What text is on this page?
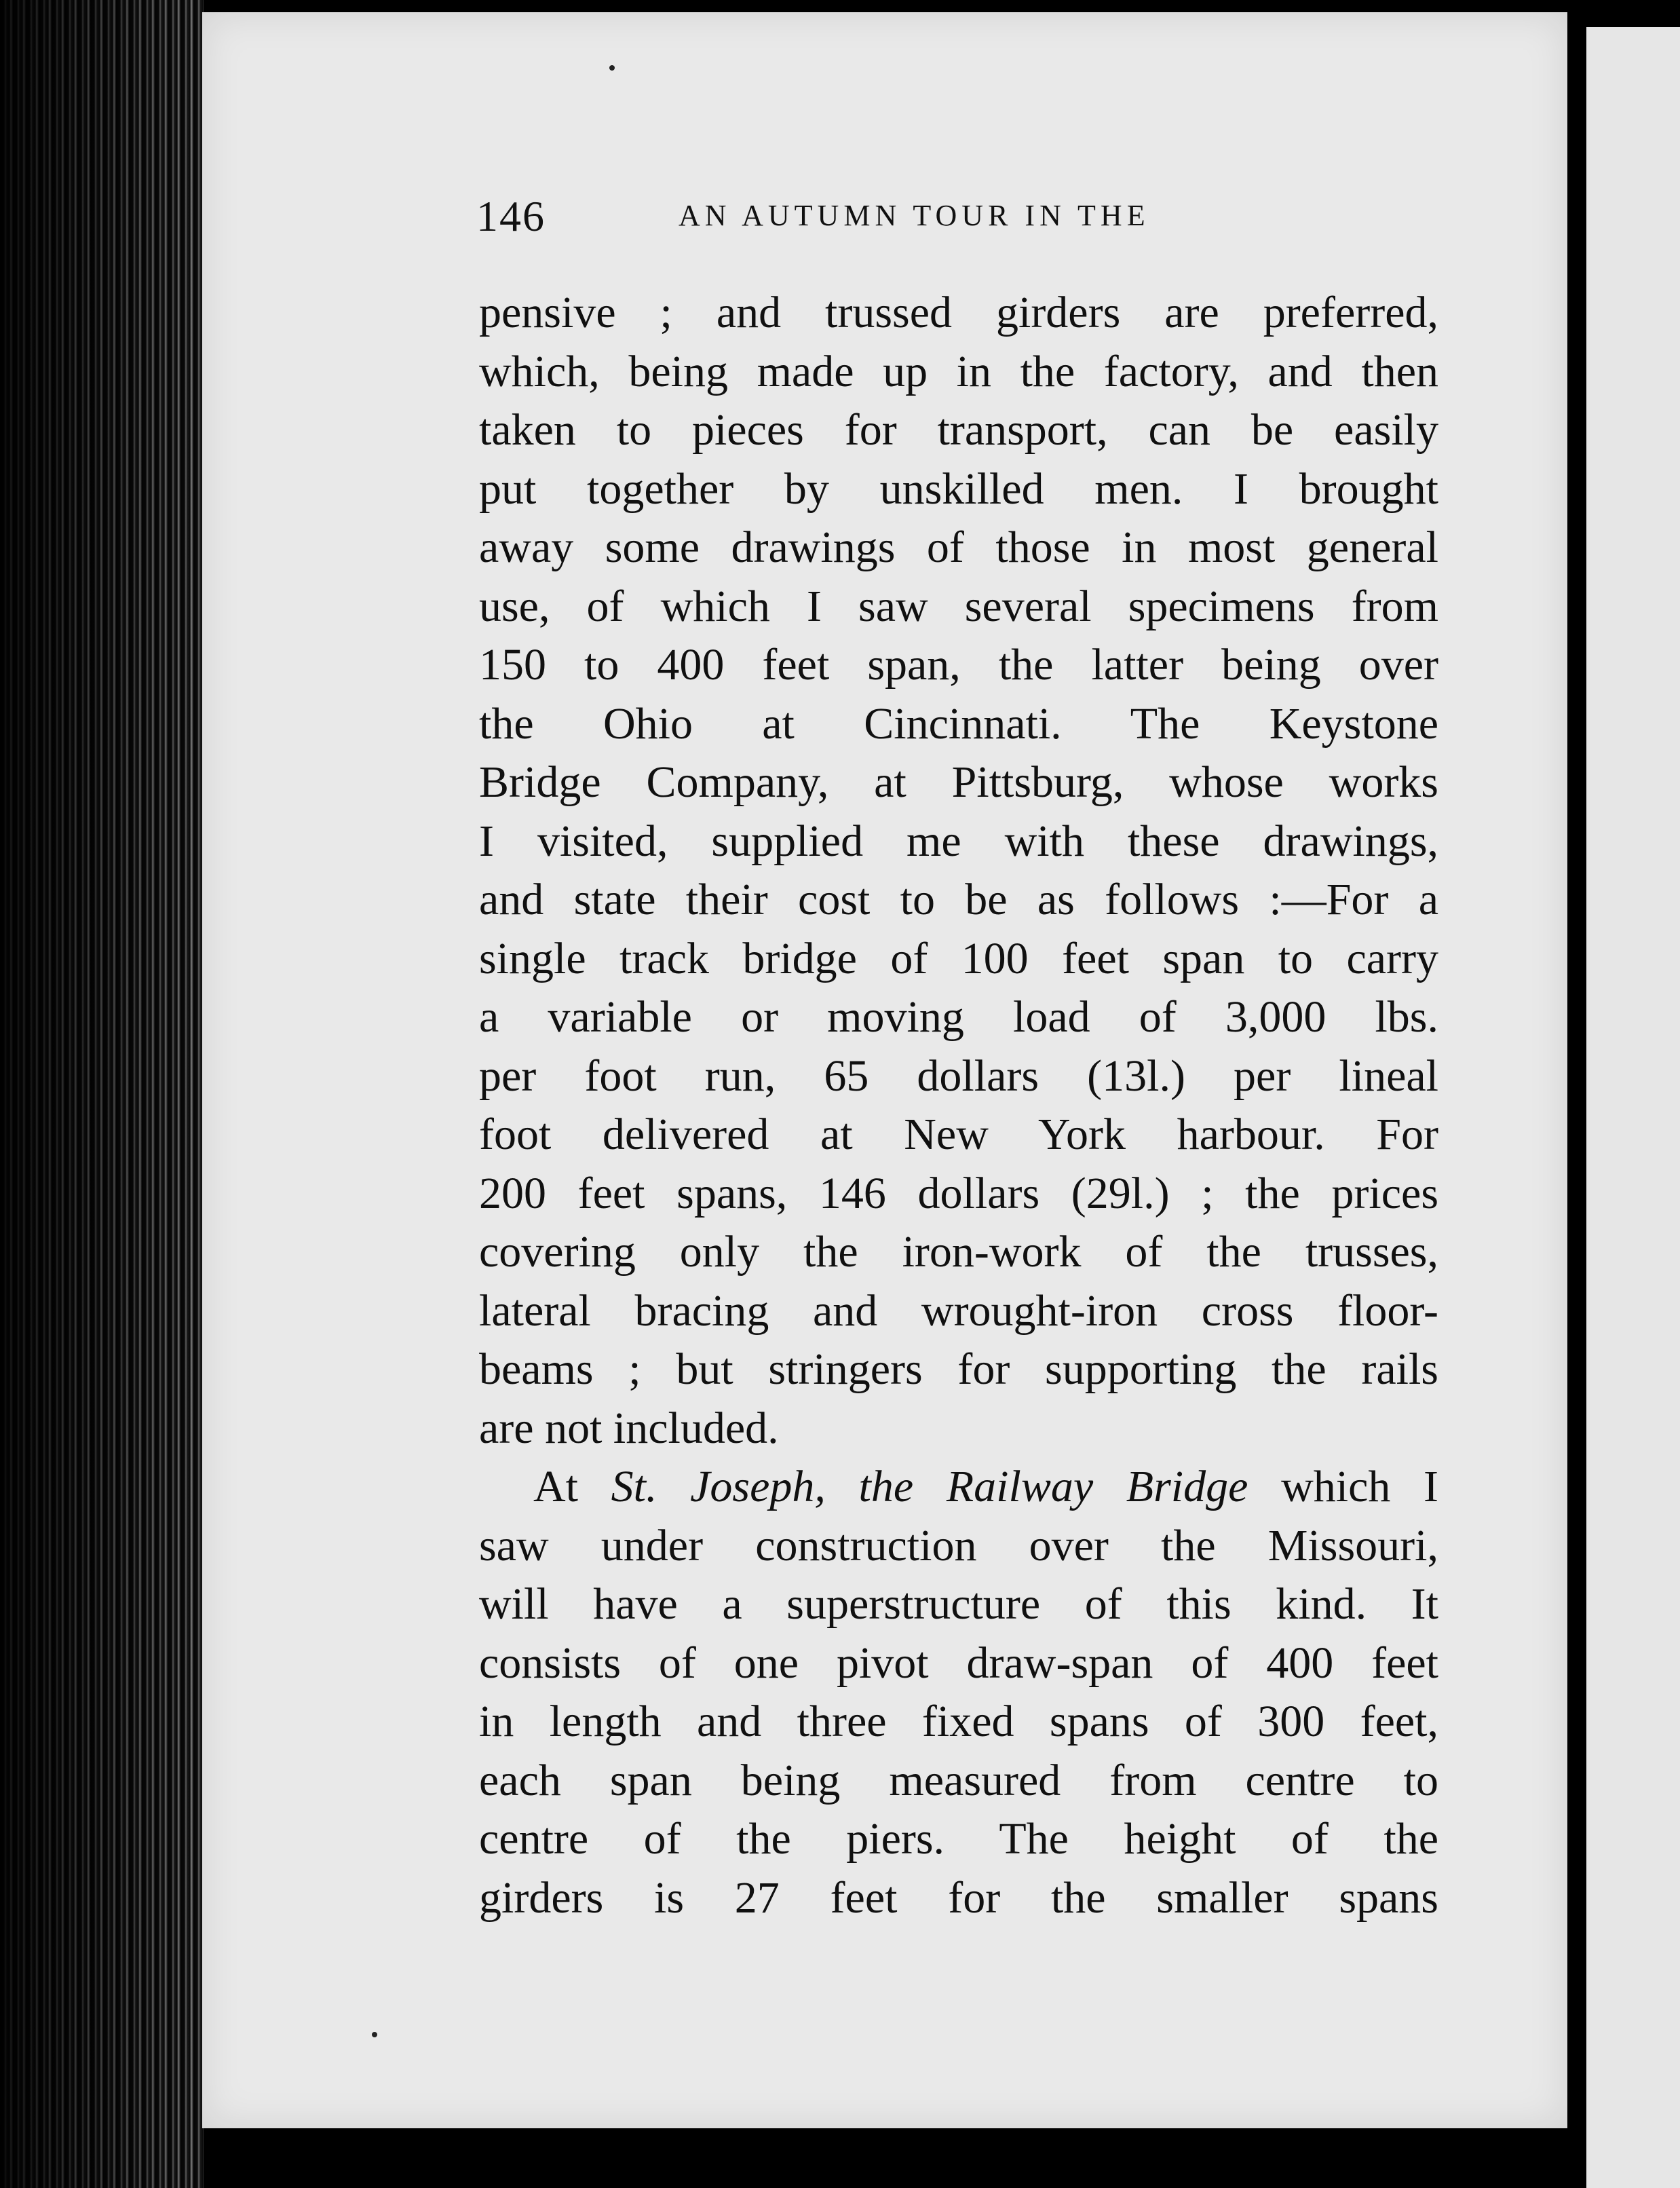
146	AN AUTUMN TOUR IN THE
pensive ; and trussed girders are preferred,
which, being made up in the factory, and then
taken to pieces for transport, can be easily
put together by unskilled men. I brought
away some drawings of those in most general
use, of which I saw several specimens from
150 to 400 feet span, the latter being over
the Ohio at Cincinnati. The Keystone
Bridge Company, at Pittsburg, whose works
I visited, supplied me with these drawings,
and state their cost to be as follows :—For a
single track bridge of 100 feet span to carry
a variable or moving load of 3,000 lbs.
per foot run, 65 dollars (13l.) per lineal
foot delivered at New York harbour. For
200 feet spans, 146 dollars (29l.) ; the prices
covering only the iron-work of the trusses,
lateral bracing and wrought-iron cross floor-
beams ; but stringers for supporting the rails
are not included.
At St. Joseph, the Railway Bridge which I
saw under construction over the Missouri,
will have a superstructure of this kind. It
consists of one pivot draw-span of 400 feet
in length and three fixed spans of 300 feet,
each span being measured from centre to
centre of the piers. The height of the
girders is 27 feet for the smaller spans
